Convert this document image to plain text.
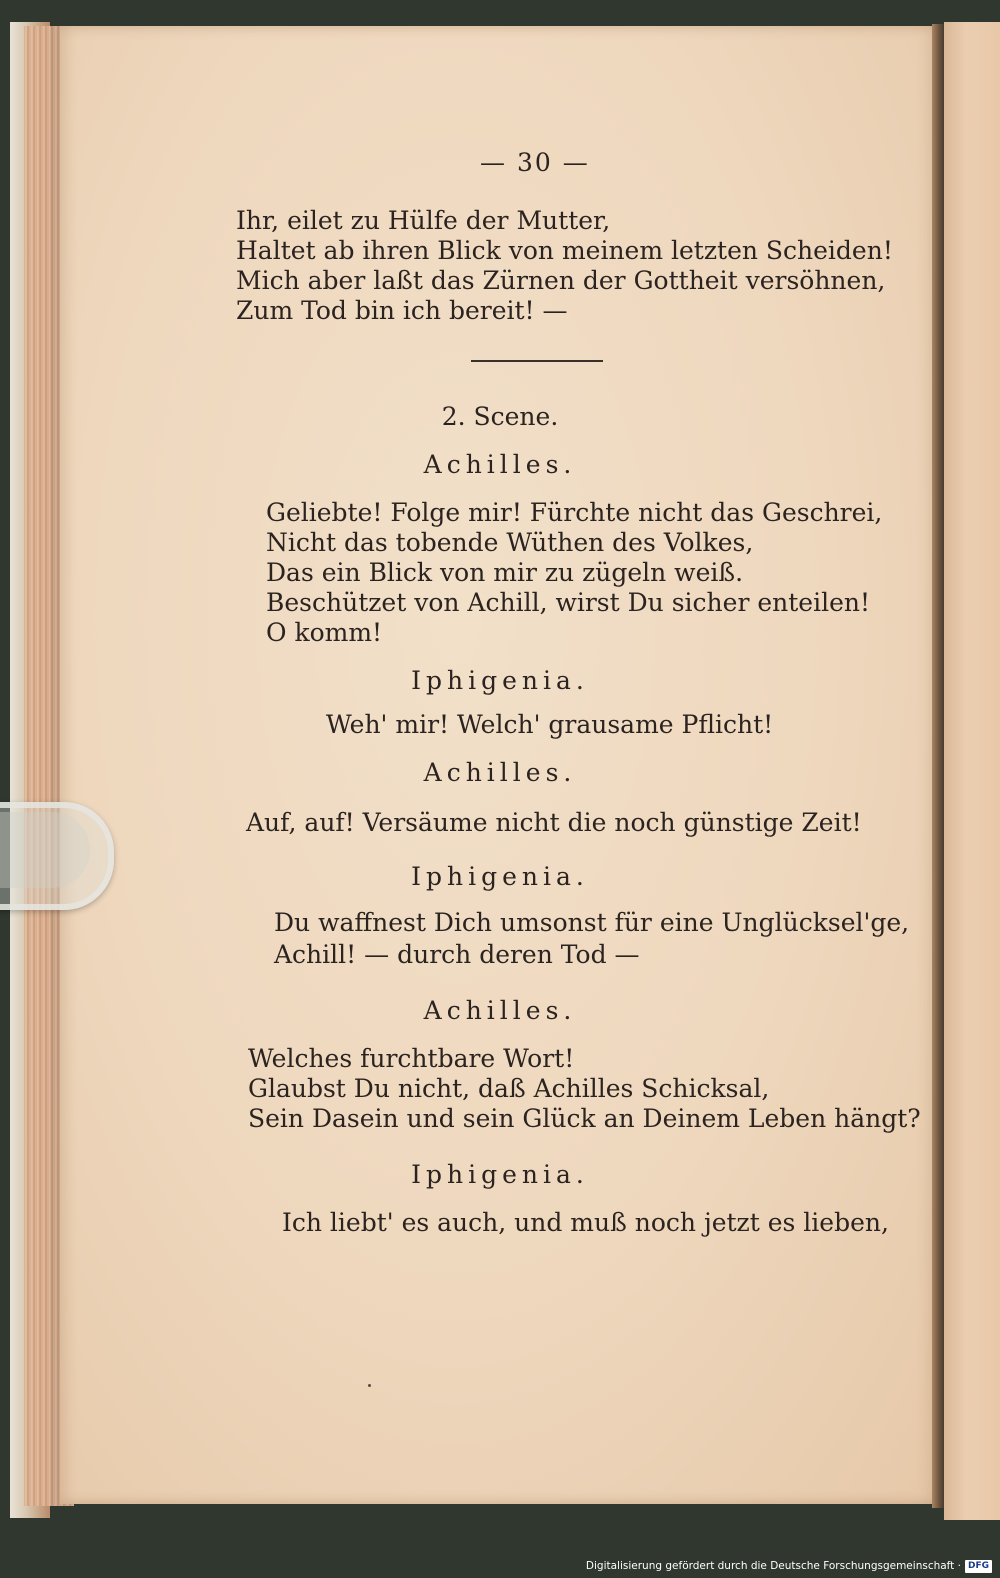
— 30 —
Ihr, eilet zu Hülfe der Mutter,
Haltet ab ihren Blick von meinem letzten Scheiden!
Mich aber laßt das Zürnen der Gottheit versöhnen,
Zum Tod bin ich bereit! —
2. Scene.
Achilles.
Geliebte! Folge mir! Fürchte nicht das Geschrei,
Nicht das tobende Wüthen des Volkes,
Das ein Blick von mir zu zügeln weiß.
Beschützet von Achill, wirst Du sicher enteilen!
O komm!
Iphigenia.
Weh' mir! Welch' grausame Pflicht!
Achilles.
Auf, auf! Versäume nicht die noch günstige Zeit!
Iphigenia.
Du waffnest Dich umsonst für eine Unglücksel'ge,
Achill! — durch deren Tod —
Achilles.
Welches furchtbare Wort!
Glaubst Du nicht, daß Achilles Schicksal,
Sein Dasein und sein Glück an Deinem Leben hängt?
Iphigenia.
Ich liebt' es auch, und muß noch jetzt es lieben,
Digitalisierung gefördert durch die Deutsche Forschungsgemeinschaft · DFG
